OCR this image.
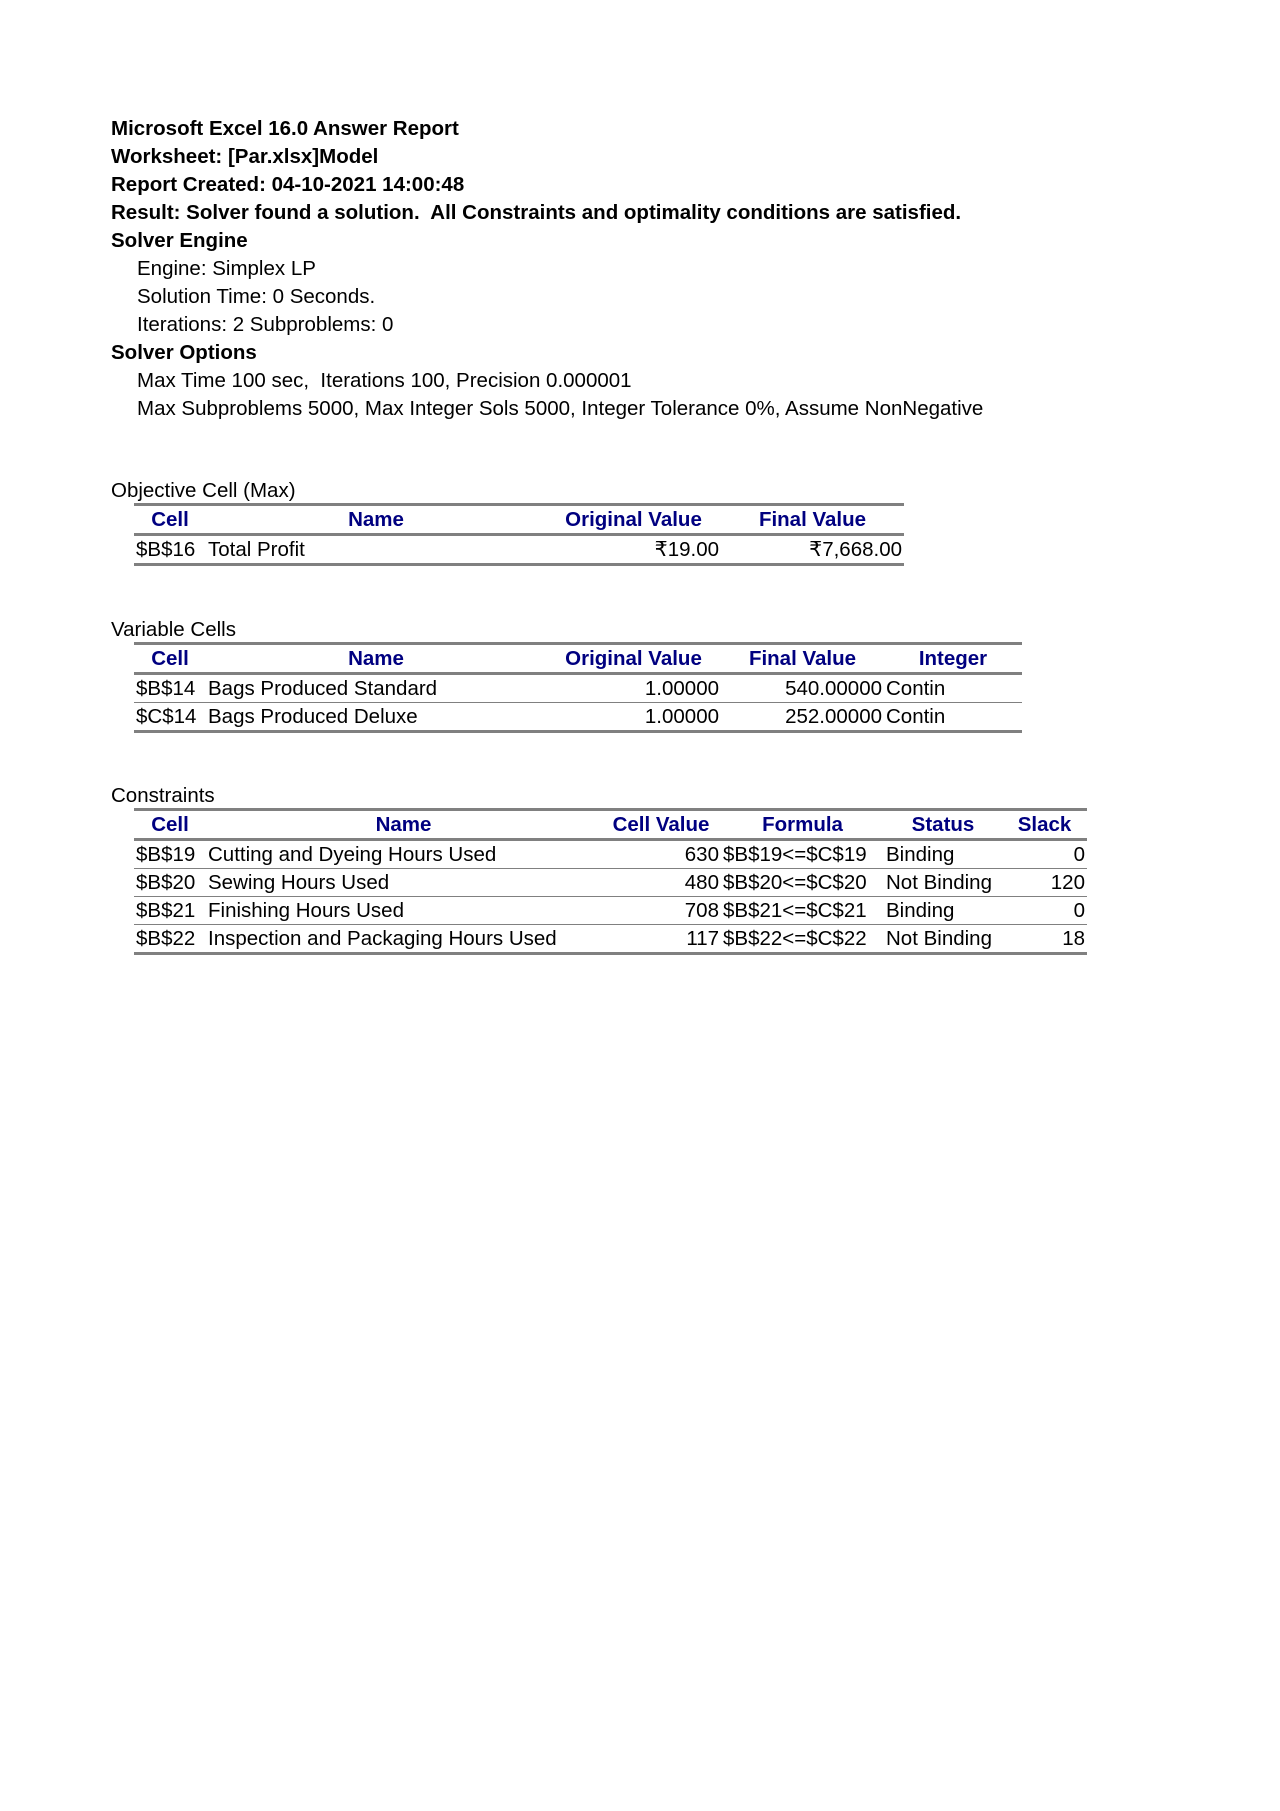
Microsoft Excel 16.0 Answer Report
Worksheet: [Par.xlsx]Model
Report Created: 04-10-2021 14:00:48
Result: Solver found a solution.  All Constraints and optimality conditions are satisfied.
Solver Engine
Engine: Simplex LP
Solution Time: 0 Seconds.
Iterations: 2 Subproblems: 0
Solver Options
Max Time 100 sec,  Iterations 100, Precision 0.000001
Max Subproblems 5000, Max Integer Sols 5000, Integer Tolerance 0%, Assume NonNegative
Objective Cell (Max)
Cell	Name	Original Value	Final Value
$B$16	Total Profit	₹19.00	₹7,668.00
Variable Cells
Cell	Name	Original Value	Final Value	Integer
$B$14	Bags Produced Standard	1.00000	540.00000	Contin
$C$14	Bags Produced Deluxe	1.00000	252.00000	Contin
Constraints
Cell	Name	Cell Value	Formula	Status	Slack
$B$19	Cutting and Dyeing Hours Used	630	$B$19<=$C$19	Binding	0
$B$20	Sewing Hours Used	480	$B$20<=$C$20	Not Binding	120
$B$21	Finishing Hours Used	708	$B$21<=$C$21	Binding	0
$B$22	Inspection and Packaging Hours Used	117	$B$22<=$C$22	Not Binding	18
